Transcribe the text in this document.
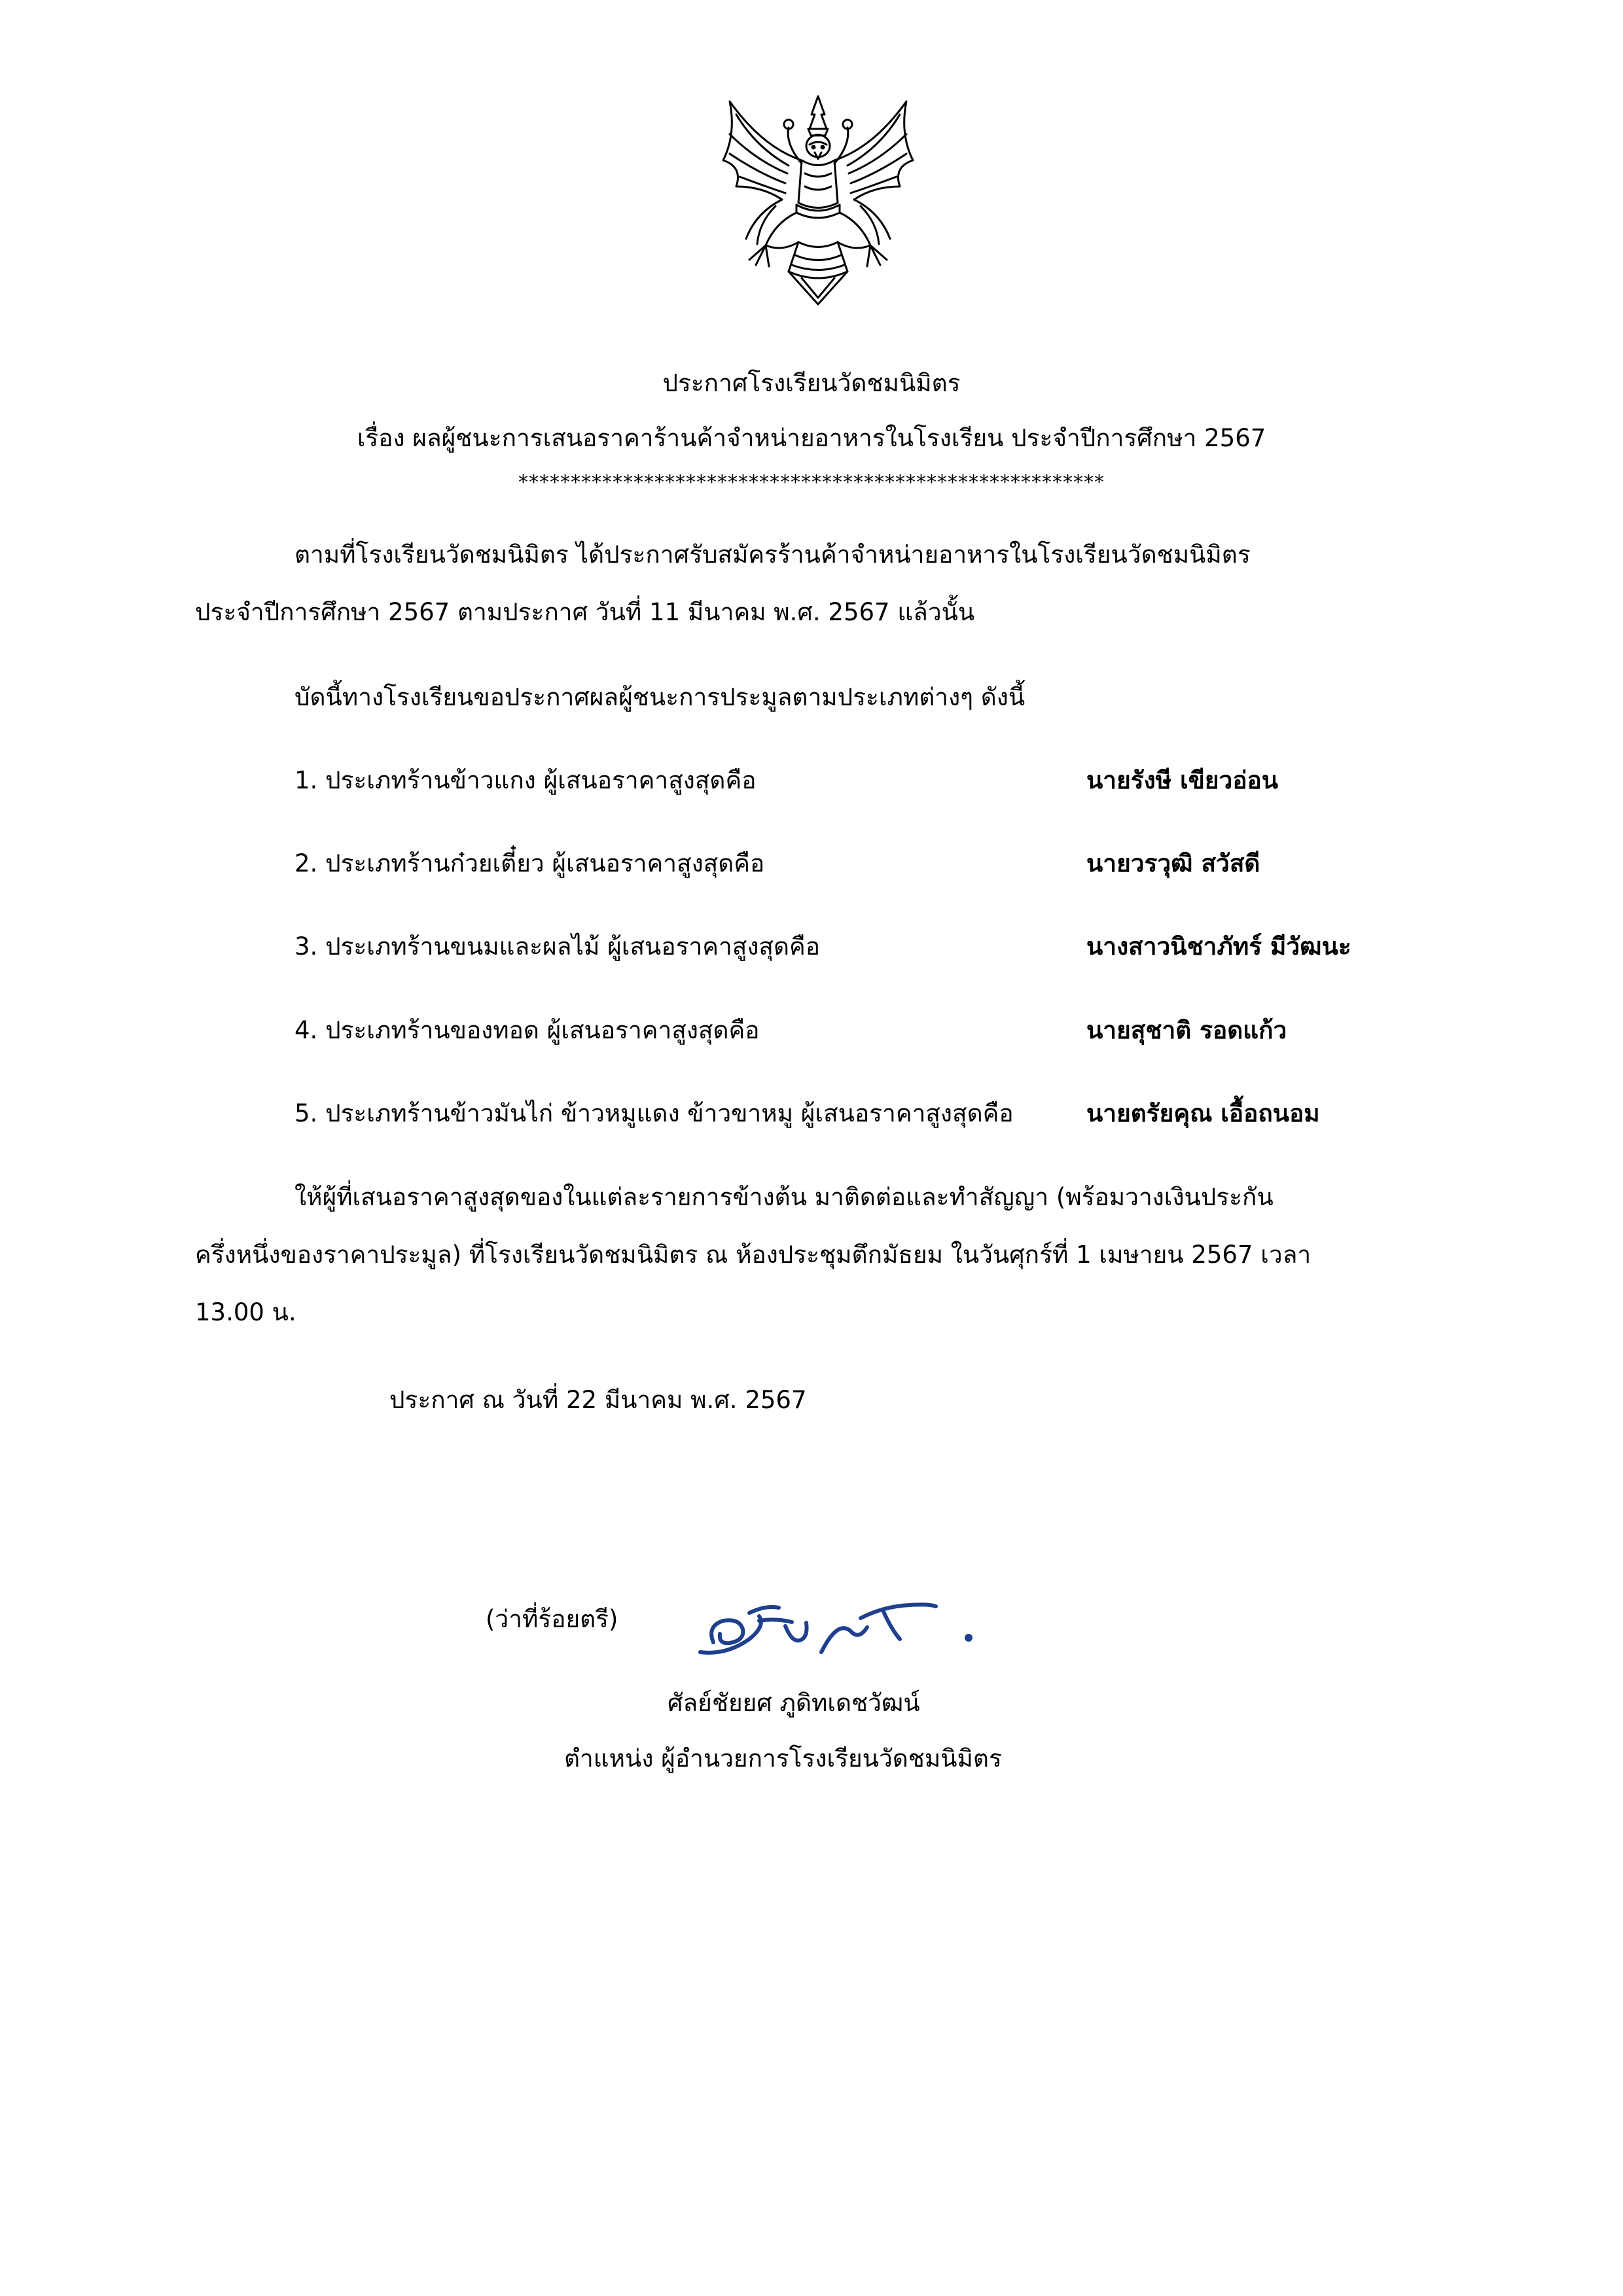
ประกาศโรงเรียนวัดชมนิมิตร
เรื่อง ผลผู้ชนะการเสนอราคาร้านค้าจำหน่ายอาหารในโรงเรียน ประจำปีการศึกษา 2567
********************************************************
ตามที่โรงเรียนวัดชมนิมิตร ได้ประกาศรับสมัครร้านค้าจำหน่ายอาหารในโรงเรียนวัดชมนิมิตร
ประจำปีการศึกษา 2567 ตามประกาศ วันที่ 11 มีนาคม พ.ศ. 2567 แล้วนั้น
บัดนี้ทางโรงเรียนขอประกาศผลผู้ชนะการประมูลตามประเภทต่างๆ ดังนี้
1. ประเภทร้านข้าวแกง ผู้เสนอราคาสูงสุดคือ	นายรังษี เขียวอ่อน
2. ประเภทร้านก๋วยเตี๋ยว ผู้เสนอราคาสูงสุดคือ	นายวรวุฒิ สวัสดี
3. ประเภทร้านขนมและผลไม้ ผู้เสนอราคาสูงสุดคือ	นางสาวนิชาภัทร์ มีวัฒนะ
4. ประเภทร้านของทอด ผู้เสนอราคาสูงสุดคือ	นายสุชาติ รอดแก้ว
5. ประเภทร้านข้าวมันไก่ ข้าวหมูแดง ข้าวขาหมู ผู้เสนอราคาสูงสุดคือ	นายตรัยคุณ เอื้อถนอม
ให้ผู้ที่เสนอราคาสูงสุดของในแต่ละรายการข้างต้น มาติดต่อและทำสัญญา (พร้อมวางเงินประกัน
ครึ่งหนึ่งของราคาประมูล) ที่โรงเรียนวัดชมนิมิตร ณ ห้องประชุมตึกมัธยม ในวันศุกร์ที่ 1 เมษายน 2567 เวลา
13.00 น.
ประกาศ ณ วันที่ 22 มีนาคม พ.ศ. 2567
(ว่าที่ร้อยตรี)
ศัลย์ชัยยศ ภูดิทเดชวัฒน์
ตำแหน่ง ผู้อำนวยการโรงเรียนวัดชมนิมิตร
